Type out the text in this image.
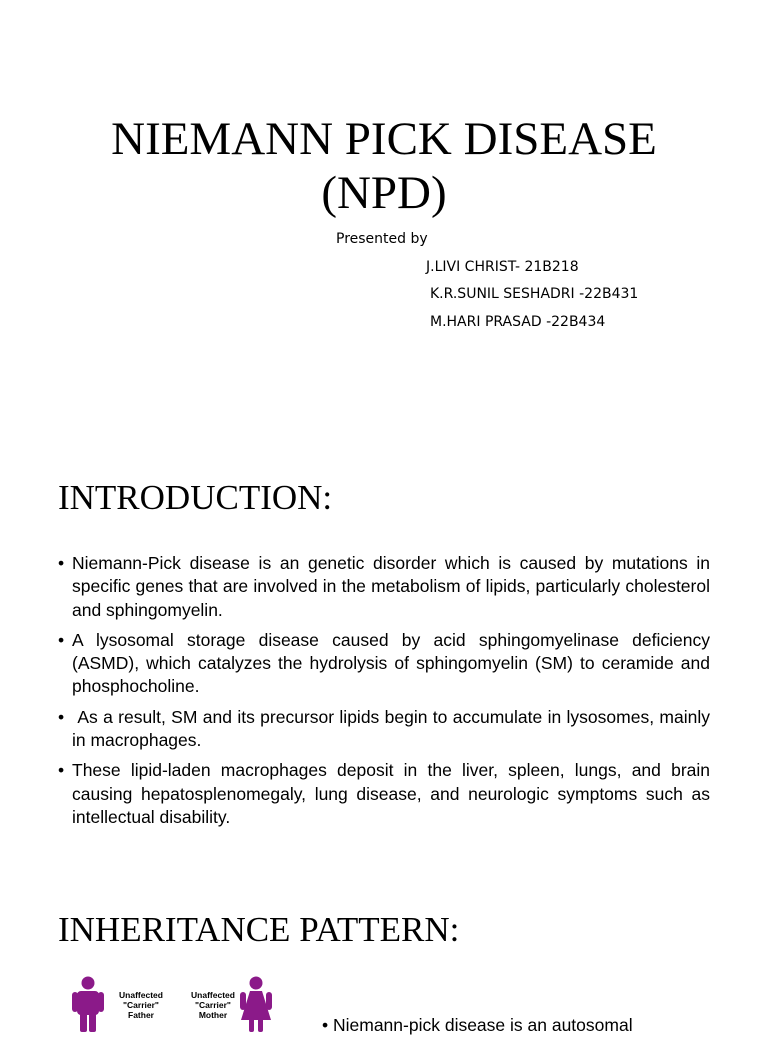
NIEMANN PICK DISEASE
(NPD)
Presented by
J.LIVI CHRIST- 21B218
K.R.SUNIL SESHADRI -22B431
M.HARI PRASAD -22B434
INTRODUCTION:
• Niemann-Pick disease is an genetic disorder which is caused by mutations in specific genes that are involved in the metabolism of lipids, particularly cholesterol and sphingomyelin.
• A lysosomal storage disease caused by acid sphingomyelinase deficiency (ASMD), which catalyzes the hydrolysis of sphingomyelin (SM) to ceramide and phosphocholine.
• As a result, SM and its precursor lipids begin to accumulate in lysosomes, mainly in macrophages.
• These lipid-laden macrophages deposit in the liver, spleen, lungs, and brain causing hepatosplenomegaly, lung disease, and neurologic symptoms such as intellectual disability.
INHERITANCE PATTERN:
Unaffected
"Carrier"
Father
Unaffected
"Carrier"
Mother	• Niemann-pick disease is an autosomal
